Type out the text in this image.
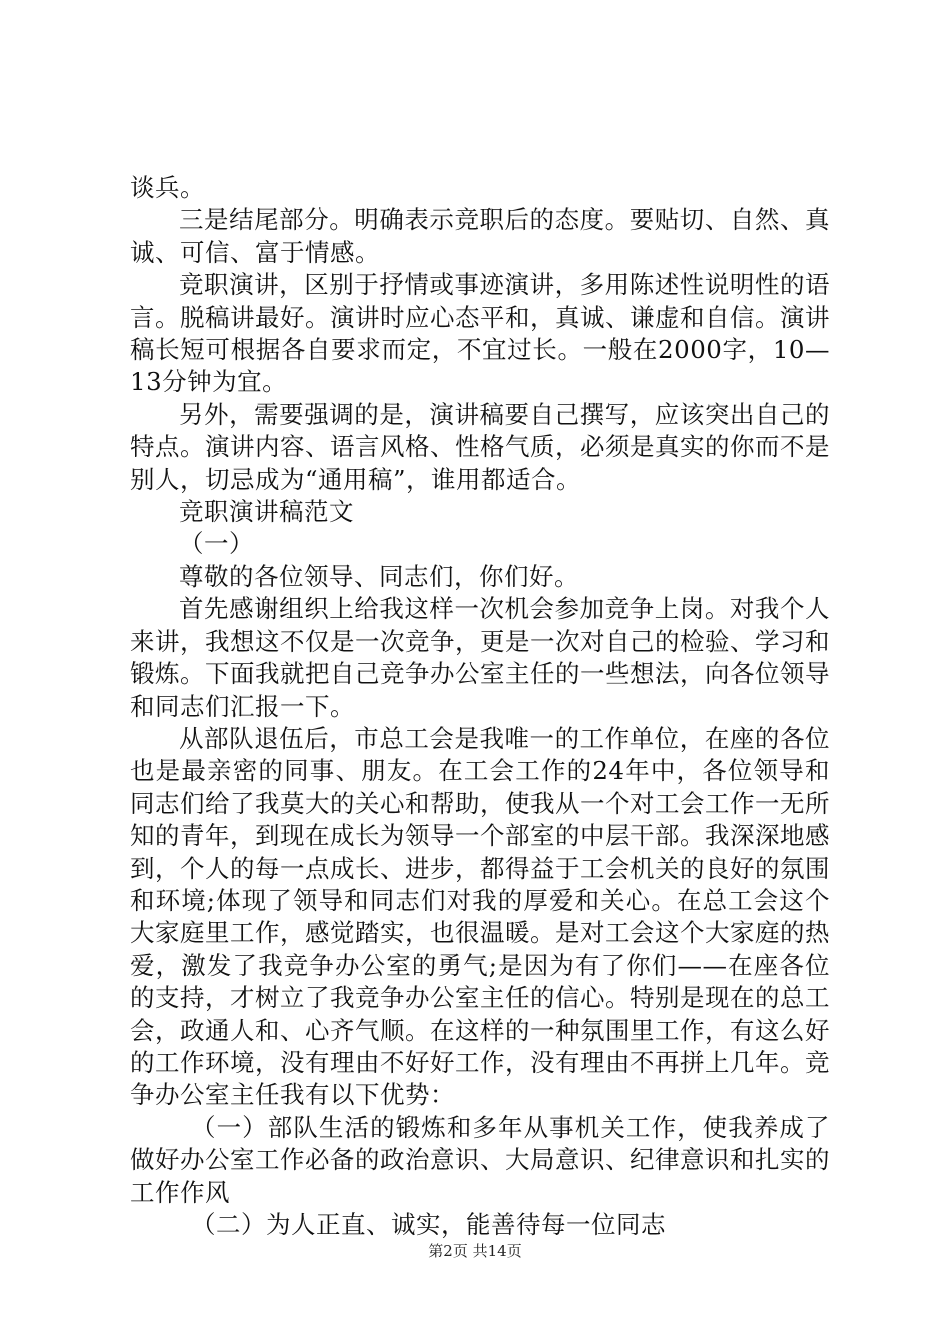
谈兵。

三是结尾部分。明确表示竞职后的态度。要贴切、自然、真诚、可信、富于情感。

竞职演讲，区别于抒情或事迹演讲，多用陈述性说明性的语言。脱稿讲最好。演讲时应心态平和，真诚、谦虚和自信。演讲稿长短可根据各自要求而定，不宜过长。一般在2000字，10—13分钟为宜。

另外，需要强调的是，演讲稿要自己撰写，应该突出自己的特点。演讲内容、语言风格、性格气质，必须是真实的你而不是别人，切忌成为“通用稿”，谁用都适合。

竞职演讲稿范文

（一）

尊敬的各位领导、同志们，你们好。

首先感谢组织上给我这样一次机会参加竞争上岗。对我个人来讲，我想这不仅是一次竞争，更是一次对自己的检验、学习和锻炼。下面我就把自己竞争办公室主任的一些想法，向各位领导和同志们汇报一下。

从部队退伍后，市总工会是我唯一的工作单位，在座的各位也是最亲密的同事、朋友。在工会工作的24年中，各位领导和同志们给了我莫大的关心和帮助，使我从一个对工会工作一无所知的青年，到现在成长为领导一个部室的中层干部。我深深地感到，个人的每一点成长、进步，都得益于工会机关的良好的氛围和环境;体现了领导和同志们对我的厚爱和关心。在总工会这个大家庭里工作，感觉踏实，也很温暖。是对工会这个大家庭的热爱，激发了我竞争办公室的勇气;是因为有了你们——在座各位的支持，才树立了我竞争办公室主任的信心。特别是现在的总工会，政通人和、心齐气顺。在这样的一种氛围里工作，有这么好的工作环境，没有理由不好好工作，没有理由不再拼上几年。竞争办公室主任我有以下优势：

（一）部队生活的锻炼和多年从事机关工作，使我养成了做好办公室工作必备的政治意识、大局意识、纪律意识和扎实的工作作风

（二）为人正直、诚实，能善待每一位同志

第2页 共14页
